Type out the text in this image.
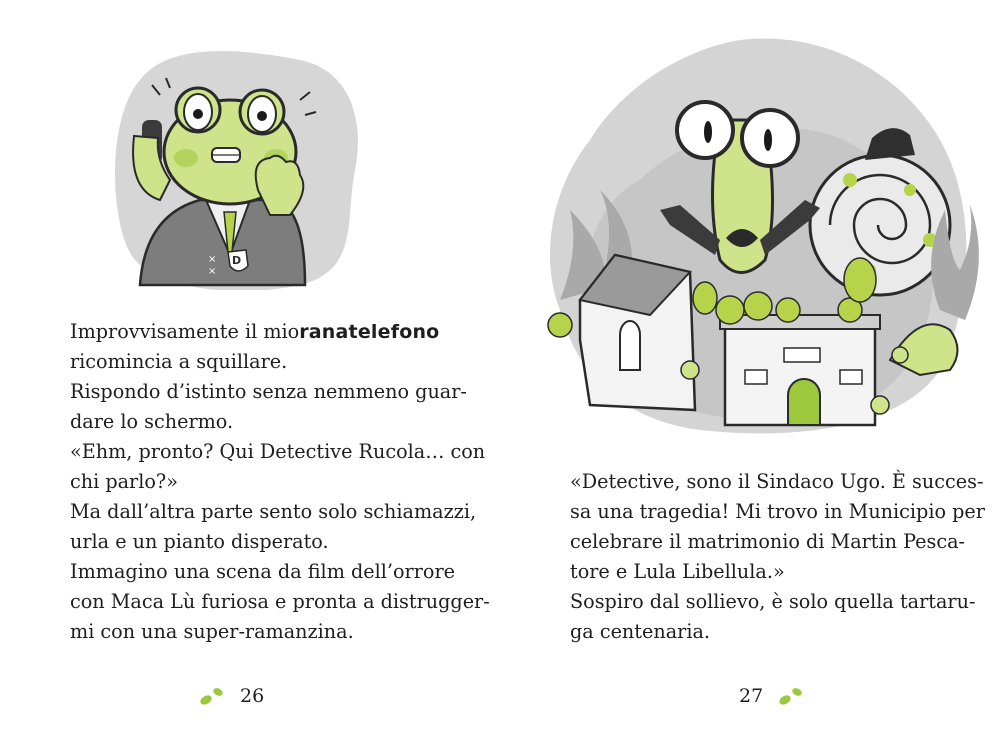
D
×
×

Improvvisamente il mio ranatelefono

ricomincia a squillare.

Rispondo d’istinto senza nemmeno guar-

dare lo schermo.

«Ehm, pronto? Qui Detective Rucola… con

chi parlo?»

Ma dall’altra parte sento solo schiamazzi,

urla e un pianto disperato.

Immagino una scena da film dell’orrore

con Maca Lù furiosa e pronta a distrugger-

mi con una super-ramanzina.

26

«Detective, sono il Sindaco Ugo. È succes-

sa una tragedia! Mi trovo in Municipio per

celebrare il matrimonio di Martin Pesca-

tore e Lula Libellula.»

Sospiro dal sollievo, è solo quella tartaru-

ga centenaria.

27
